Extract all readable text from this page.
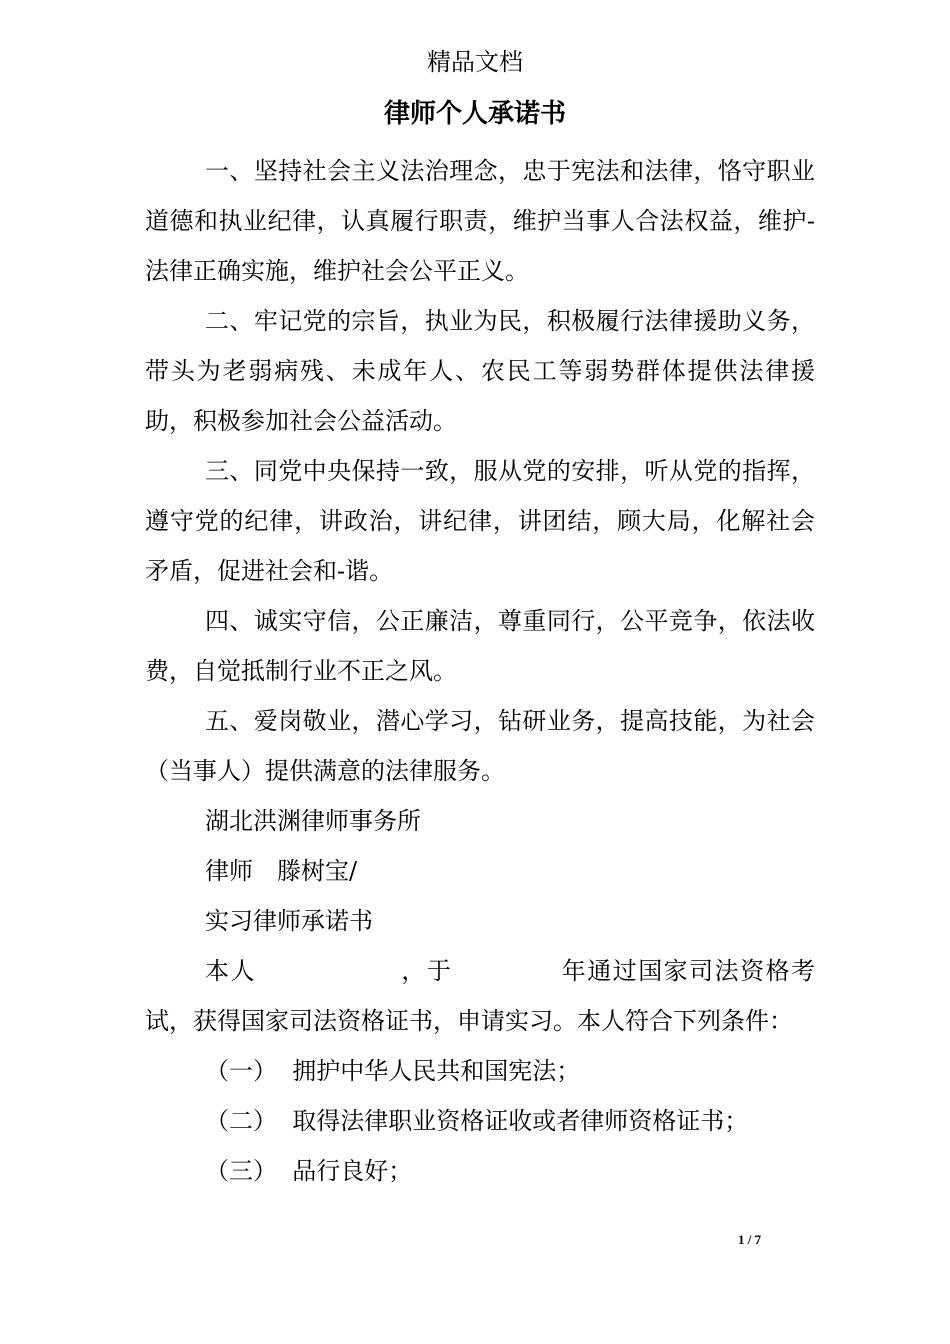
精品文档
律师个人承诺书

一、坚持社会主义法治理念，忠于宪法和法律，恪守职业道德和执业纪律，认真履行职责，维护当事人合法权益，维护-法律正确实施，维护社会公平正义。

二、牢记党的宗旨，执业为民，积极履行法律援助义务，带头为老弱病残、未成年人、农民工等弱势群体提供法律援助，积极参加社会公益活动。

三、同党中央保持一致，服从党的安排，听从党的指挥，遵守党的纪律，讲政治，讲纪律，讲团结，顾大局，化解社会矛盾，促进社会和-谐。

四、诚实守信，公正廉洁，尊重同行，公平竞争，依法收费，自觉抵制行业不正之风。

五、爱岗敬业，潜心学习，钻研业务，提高技能，为社会（当事人）提供满意的法律服务。

湖北洪渊律师事务所

律师　滕树宝/

实习律师承诺书

本人	，于	年通过国家司法资格考试，获得国家司法资格证书，申请实习。本人符合下列条件：

（一）  拥护中华人民共和国宪法；

（二）  取得法律职业资格证收或者律师资格证书；

（三）  品行良好；

1 / 7
